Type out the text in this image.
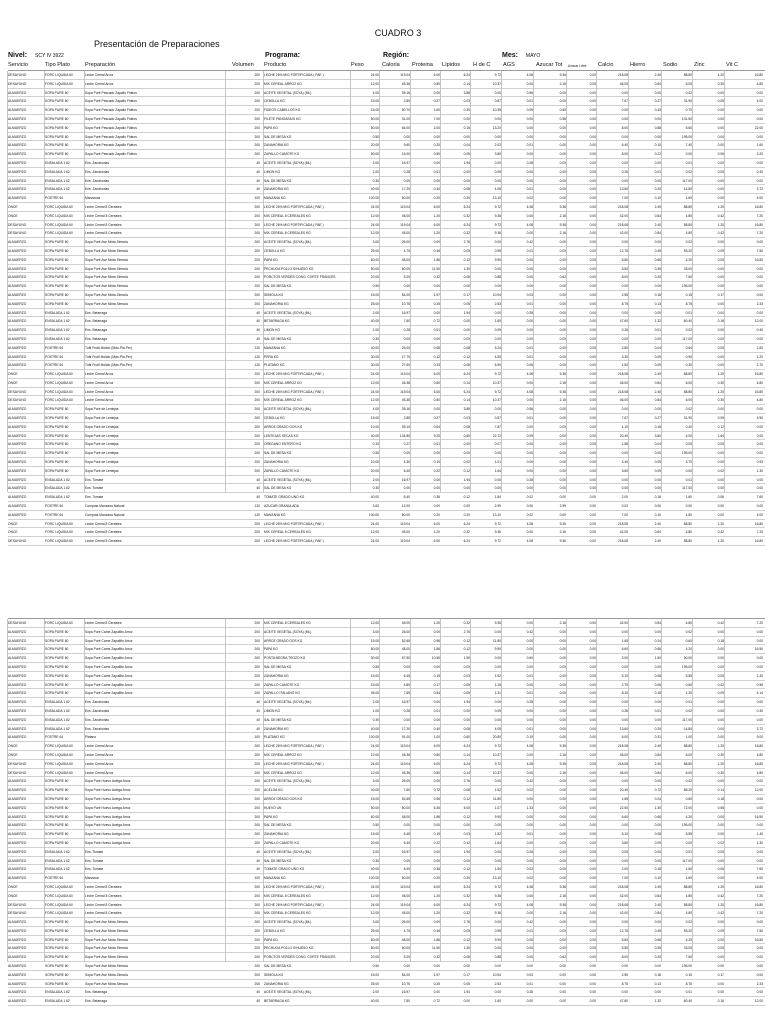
CUADRO 3
Presentación de Preparaciones
Nivel: SCY IV 3922	Programa:	Región:	Mes: MAYO
Servicio	Tipo Plato	Preparación	Volumen Producto	Peso	Caloria Proteina Lípidos H de C AGS	Azucar Tot Azucar Libre Calcio	Hierro	Sodio	Zinc	Vit C
DESAYUNO	FORC LIQUIDA 60	Leche Cereal Arroz	200 LECHE 26% M/G FORTIFICADA ( PAE )	24.00	119.04	6.00	6.24	9.72	4.08	9.36	0.00	218.08	2.40	88.80	1.20	16.80
DESAYUNO	FORC LIQUIDA 60	Leche Cereal Arroz	200 MIX CEREAL ARROZ KG	12.00	45.36	0.80	0.14	10.37	0.00	2.16	0.00	46.00	0.84	6.00	0.30	4.80
ALMUERZO	SOPA PURE 60	Sopa Puré Pescado Zapallo Fideos	200 ACEITE VEGETAL (SOYA) (ML)	4.00	35.16	0.00	3.88	0.00	0.56	0.00	0.00	0.00	0.00	0.02	0.00	0.00
ALMUERZO	SOPA PURE 60	Sopa Puré Pescado Zapallo Fideos	200 CEBOLLA KG	15.00	2.80	0.27	0.03	0.87	0.01	0.00	0.00	7.67	0.27	31.90	0.05	4.00
ALMUERZO	SOPA PURE 60	Sopa Puré Pescado Zapallo Fideos	200 FIDEOS CABELLOS KG	15.00	50.70	1.60	0.30	10.35	0.09	0.60	0.00	0.00	0.43	0.70	0.00	0.00
ALMUERZO	SOPA PURE 60	Sopa Puré Pescado Zapallo Fideos	200 FILETE PANGASIUS KG	50.00	31.00	7.00	0.00	0.00	0.00	0.56	0.00	0.00	0.00	131.50	0.00	0.00
ALMUERZO	SOPA PURE 60	Sopa Puré Pescado Zapallo Fideos	200 PAPA KG	80.00	64.00	2.00	0.16	13.20	0.00	0.00	0.00	8.00	0.88	5.60	0.00	22.00
ALMUERZO	SOPA PURE 60	Sopa Puré Pescado Zapallo Fideos	200 SAL DE MESA KG	0.50	0.00	0.00	0.00	0.00	0.00	0.00	0.00	0.00	0.00	195.00	0.00	0.00
ALMUERZO	SOPA PURE 60	Sopa Puré Pescado Zapallo Fideos	200 ZANAHORIA KG	20.00	9.60	0.20	0.04	2.02	0.01	0.00	0.00	6.40	0.10	7.40	0.00	1.60
ALMUERZO	SOPA PURE 60	Sopa Puré Pescado Zapallo Fideos	200 ZAPALLO CAMOTE KG	50.00	16.00	0.50	0.05	3.80	0.00	0.00	0.00	8.00	0.22	0.00	0.06	3.20
ALMUERZO	ENSALADA 1 62	Ens. Zanahorias	40 ACEITE VEGETAL (SOYA) (ML)	2.00	16.97	0.00	1.94	0.00	0.28	0.00	0.00	0.00	0.00	0.01	0.00	0.00
ALMUERZO	ENSALADA 1 62	Ens. Zanahorias	40 LIMON KG	1.00	0.28	0.01	0.00	0.09	0.00	0.00	0.00	0.26	0.01	0.02	0.00	0.40
ALMUERZO	ENSALADA 1 62	Ens. Zanahorias	40 SAL DE MESA KG	0.30	0.00	0.00	0.00	0.00	0.00	0.00	0.00	0.00	0.00	117.00	0.00	0.00
ALMUERZO	ENSALADA 1 62	Ens. Zanahorias	40 ZANAHORIA KG	40.00	17.20	0.40	0.08	4.05	0.01	0.00	0.00	13.60	0.20	14.80	0.00	3.72
ALMUERZO	POSTRE 64	Manzanas	100 MANZANA KG	100.00	60.00	0.20	0.20	13.10	0.02	0.00	0.00	7.00	0.10	1.60	0.00	4.00
ONCE	FORC LIQUIDA 60	Leche Cereal 8 Cereales	200 LECHE 26% M/G FORTIFICADA ( PAE )	24.00	119.04	6.00	6.24	9.72	4.08	9.36	0.00	218.08	2.40	88.80	1.20	16.80
ONCE	FORC LIQUIDA 60	Leche Cereal 8 Cereales	200 MIX CEREAL 8 CEREALES KG	12.00	45.00	1.20	0.32	9.36	0.00	2.16	0.00	42.00	0.84	4.80	0.42	7.20
DESAYUNO	FORC LIQUIDA 60	Leche Cereal 8 Cereales	200 LECHE 26% M/G FORTIFICADA ( PAE )	24.00	119.04	6.00	6.24	9.72	4.08	9.36	0.00	218.08	2.40	88.80	1.20	16.80
DESAYUNO	FORC LIQUIDA 60	Leche Cereal 8 Cereales	200 MIX CEREAL 8 CEREALES KG	12.00	45.00	1.20	0.32	9.36	0.00	2.16	0.00	42.00	0.84	4.80	0.42	7.20
ALMUERZO	SOPA PURE 60	Sopa Puré Ave Mixta Sémola	200 ACEITE VEGETAL (SOYA) (ML)	3.00	26.00	0.00	2.76	0.00	0.42	0.00	0.00	0.00	0.00	0.02	0.00	0.00
ALMUERZO	SOPA PURE 60	Sopa Puré Ave Mixta Sémola	200 CEBOLLA KG	25.00	4.75	0.45	0.05	0.95	0.01	0.00	0.00	12.75	0.45	53.20	0.09	7.50
ALMUERZO	SOPA PURE 60	Sopa Puré Ave Mixta Sémola	200 PAPA KG	60.00	48.00	1.86	0.12	9.90	0.00	0.00	0.00	6.60	0.66	4.20	0.00	16.50
ALMUERZO	SOPA PURE 60	Sopa Puré Ave Mixta Sémola	200 PECHUGA POLLO S/HUESO KG	50.00	60.00	11.50	1.30	0.00	0.00	0.00	0.00	5.50	0.35	33.00	0.00	0.00
ALMUERZO	SOPA PURE 60	Sopa Puré Ave Mixta Sémola	200 PORCTOS VERDES CONG. CORTE FRANCES	20.00	5.20	0.32	0.06	0.88	0.00	0.62	0.00	8.00	0.20	7.60	0.00	0.00
ALMUERZO	SOPA PURE 60	Sopa Puré Ave Mixta Sémola	200 SAL DE MESA KG	0.50	0.00	0.00	0.00	0.00	0.00	0.00	0.00	0.00	0.00	195.00	0.00	0.00
ALMUERZO	SOPA PURE 60	Sopa Puré Ave Mixta Sémola	200 SEMOLA KG	15.00	54.00	1.97	0.17	10.94	0.03	0.00	0.00	2.55	0.18	0.15	0.17	0.00
ALMUERZO	SOPA PURE 60	Sopa Puré Ave Mixta Sémola	200 ZANAHORIA KG	25.00	10.75	0.25	0.05	2.53	0.01	0.00	0.00	8.75	0.13	8.75	0.00	2.33
ALMUERZO	ENSALADA 1 62	Ens. Betarraga	40 ACEITE VEGETAL (SOYA) (ML)	2.00	16.97	0.00	1.94	0.00	0.28	0.00	0.00	0.00	0.00	0.01	0.00	0.00
ALMUERZO	ENSALADA 1 62	Ens. Betarraga	40 BETARRAGA KG	40.00	7.60	0.72	0.00	1.60	0.00	0.00	0.00	47.60	1.32	60.40	0.16	12.00
ALMUERZO	ENSALADA 1 62	Ens. Betarraga	40 LIMON KG	1.00	0.28	0.01	0.00	0.09	0.00	0.00	0.00	0.26	0.01	0.02	0.00	0.40
ALMUERZO	ENSALADA 1 62	Ens. Betarraga	40 SAL DE MESA KG	0.30	0.00	0.00	0.00	0.00	0.00	0.00	0.00	0.00	0.00	117.00	0.00	0.00
ALMUERZO	POSTRE 64	Tutti Frutti Molido (Man-Pla-Per)	120 MANZANA KG	40.00	25.00	0.08	0.08	5.24	0.01	0.00	0.00	2.80	0.04	0.64	0.00	1.60
ALMUERZO	POSTRE 64	Tutti Frutti Molido (Man-Pla-Per)	120 PERA KG	30.00	17.70	0.12	0.12	4.53	0.01	0.00	0.00	3.30	0.09	0.90	0.00	1.20
ALMUERZO	POSTRE 64	Tutti Frutti Molido (Man-Pla-Per)	120 PLATANO KG	30.00	27.60	0.33	0.06	6.90	0.06	0.00	0.00	1.50	0.09	0.30	0.00	2.70
ONCE	FORC LIQUIDA 60	Leche Cereal Arroz	200 LECHE 26% M/G FORTIFICADA ( PAE )	24.00	119.04	6.00	6.24	9.72	4.08	9.36	0.00	218.08	2.40	88.80	1.20	16.80
ONCE	FORC LIQUIDA 60	Leche Cereal Arroz	200 MIX CEREAL ARROZ KG	12.00	45.36	0.80	0.14	10.37	0.00	2.16	0.00	46.00	0.84	6.00	0.30	4.80
DESAYUNO	FORC LIQUIDA 60	Leche Cereal Arroz	200 LECHE 26% M/G FORTIFICADA ( PAE )	24.00	119.04	6.00	6.24	9.72	4.08	9.36	0.00	218.08	2.40	88.80	1.20	16.80
DESAYUNO	FORC LIQUIDA 60	Leche Cereal Arroz	200 MIX CEREAL ARROZ KG	12.00	45.36	0.80	0.14	10.37	0.00	2.16	0.00	46.00	0.84	6.00	0.30	4.80
ALMUERZO	SOPA PURE 60	Sopa Puré de Lentejas	200 ACEITE VEGETAL (SOYA) (ML)	4.00	35.16	0.00	3.88	0.00	0.56	0.00	0.00	0.00	0.00	0.02	0.00	0.00
ALMUERZO	SOPA PURE 60	Sopa Puré de Lentejas	200 CEBOLLA KG	15.00	2.85	0.27	0.03	0.57	0.01	0.00	0.00	7.67	0.27	31.90	0.05	4.50
ALMUERZO	SOPA PURE 60	Sopa Puré de Lentejas	200 ARROZ GRADO DOS KG	10.00	35.10	0.64	0.08	7.87	0.00	0.00	0.00	1.10	0.16	0.40	0.12	0.00
ALMUERZO	SOPA PURE 60	Sopa Puré de Lentejas	200 LENTEJAS SECAS KG	40.00	134.80	9.20	0.60	22.72	0.09	0.00	0.00	20.40	3.60	4.00	1.64	0.00
ALMUERZO	SOPA PURE 60	Sopa Puré de Lentejas	200 OREGANO ENTERO KG	0.10	0.27	0.01	0.00	0.07	0.00	0.00	0.00	1.58	0.04	0.00	0.00	0.00
ALMUERZO	SOPA PURE 60	Sopa Puré de Lentejas	200 SAL DE MESA KG	0.50	0.00	0.00	0.00	0.00	0.00	0.00	0.00	0.00	0.00	195.00	0.00	0.00
ALMUERZO	SOPA PURE 60	Sopa Puré de Lentejas	200 ZANAHORIA KG	10.00	4.30	0.10	0.02	1.01	0.00	0.00	0.00	3.40	0.05	3.70	0.00	0.93
ALMUERZO	SOPA PURE 60	Sopa Puré de Lentejas	200 ZAPALLO CAMOTE KG	20.00	6.40	0.22	0.12	1.64	0.00	0.00	0.00	3.60	0.09	0.00	0.02	1.30
ALMUERZO	ENSALADA 1 62	Ens. Tomate	40 ACEITE VEGETAL (SOYA) (ML)	2.00	16.97	0.00	1.94	0.00	0.28	0.00	0.00	0.00	0.00	0.01	0.00	0.00
ALMUERZO	ENSALADA 1 62	Ens. Tomate	40 SAL DE MESA KG	0.30	0.00	0.00	0.00	0.00	0.00	0.00	0.00	0.00	0.00	117.00	0.00	0.00
ALMUERZO	ENSALADA 1 62	Ens. Tomate	40 TOMATE GRADO UNO KG	40.00	8.40	0.36	0.12	1.84	0.02	0.00	0.00	2.00	0.18	1.60	0.06	7.60
ALMUERZO	POSTRE 64	Compota Manzana Natural	120 AZUCAR GRANULADA	3.00	12.00	0.00	0.00	2.99	0.00	2.99	0.00	0.03	0.00	0.00	0.00	0.00
ALMUERZO	POSTRE 64	Compota Manzana Natural	120 MANZANA KG	100.00	60.00	0.20	0.20	13.10	0.02	0.00	0.00	7.00	0.10	1.60	0.00	4.00
ONCE	FORC LIQUIDA 60	Leche Cereal 8 Cereales	200 LECHE 26% M/G FORTIFICADA ( PAE )	24.00	119.04	6.00	6.24	9.72	4.08	9.36	0.00	218.08	2.40	88.80	1.20	16.80
ONCE	FORC LIQUIDA 60	Leche Cereal 8 Cereales	200 MIX CEREAL 8 CEREALES KG	12.00	45.00	1.20	0.32	9.36	0.00	2.16	0.00	42.00	0.84	4.80	0.42	7.20
DESAYUNO	FORC LIQUIDA 60	Leche Cereal 8 Cereales	200 LECHE 26% M/G FORTIFICADA ( PAE )	24.00	119.04	6.00	6.24	9.72	4.08	9.36	0.00	218.08	2.40	88.80	1.20	16.80
DESAYUNO	FORC LIQUIDA 60	Leche Cereal 8 Cereales	200 MIX CEREAL 8 CEREALES KG	12.00	45.00	1.20	0.32	9.36	0.00	2.16	0.00	42.00	0.84	4.80	0.42	7.20
ALMUERZO	SOPA PURE 60	Sopa Puré Carne Zapallito Arroz	200 ACEITE VEGETAL (SOYA) (ML)	3.00	26.00	0.00	2.76	0.00	0.42	0.00	0.00	0.00	0.00	0.02	0.00	0.00
ALMUERZO	SOPA PURE 60	Sopa Puré Carne Zapallito Arroz	200 ARROZ GRADO DOS KG	15.00	52.65	0.96	0.12	11.80	0.00	0.00	0.00	1.65	0.24	0.60	0.18	0.00
ALMUERZO	SOPA PURE 60	Sopa Puré Carne Zapallito Arroz	200 PAPA KG	60.00	48.00	1.86	0.12	9.90	0.00	0.00	0.00	6.60	0.66	4.20	0.00	16.50
ALMUERZO	SOPA PURE 60	Sopa Puré Carne Zapallito Arroz	200 POSTA NEGRA TROZO KG	30.00	67.50	10.50	1.50	0.00	0.60	0.00	0.00	3.00	1.50	90.00	0.00	0.00
ALMUERZO	SOPA PURE 60	Sopa Puré Carne Zapallito Arroz	200 SAL DE MESA KG	0.50	0.00	0.00	0.00	0.00	0.00	0.00	0.00	0.00	0.00	195.00	0.00	0.00
ALMUERZO	SOPA PURE 60	Sopa Puré Carne Zapallito Arroz	200 ZANAHORIA KG	15.00	6.45	0.15	0.03	1.52	0.01	0.00	0.00	5.10	0.08	5.55	0.00	1.40
ALMUERZO	SOPA PURE 60	Sopa Puré Carne Zapallito Arroz	200 ZAPALLO CAMOTE KG	15.00	4.80	0.17	0.09	1.16	0.00	0.00	0.00	2.70	0.06	0.60	0.02	0.98
ALMUERZO	SOPA PURE 60	Sopa Puré Carne Zapallito Arroz	200 ZAPALLO ITALIANO KG	45.00	7.65	0.54	0.09	1.31	0.01	0.00	0.00	8.10	0.18	1.20	0.09	4.14
ALMUERZO	ENSALADA 1 62	Ens. Zanahorias	40 ACEITE VEGETAL (SOYA) (ML)	2.00	16.97	0.00	1.94	0.00	0.28	0.00	0.00	0.00	0.00	0.01	0.00	0.00
ALMUERZO	ENSALADA 1 62	Ens. Zanahorias	40 LIMON KG	1.00	0.28	0.01	0.00	0.09	0.00	0.00	0.00	0.26	0.01	0.02	0.00	0.40
ALMUERZO	ENSALADA 1 62	Ens. Zanahorias	40 SAL DE MESA KG	0.30	0.00	0.00	0.00	0.00	0.00	0.00	0.00	0.00	0.00	117.00	0.00	0.00
ALMUERZO	ENSALADA 1 62	Ens. Zanahorias	40 ZANAHORIA KG	40.00	17.20	0.40	0.08	4.05	0.01	0.00	0.00	13.60	0.20	14.80	0.00	3.72
ALMUERZO	POSTRE 64	Plátano	100 PLATANO KG	100.00	91.00	1.00	0.60	20.80	0.19	0.00	0.00	6.00	0.31	1.00	0.00	9.00
ONCE	FORC LIQUIDA 60	Leche Cereal Arroz	200 LECHE 26% M/G FORTIFICADA ( PAE )	24.00	119.04	6.00	6.24	9.72	4.08	9.36	0.00	218.08	2.40	88.80	1.20	16.80
ONCE	FORC LIQUIDA 60	Leche Cereal Arroz	200 MIX CEREAL ARROZ KG	12.00	45.36	0.80	0.14	10.37	0.00	2.16	0.00	46.00	0.84	6.00	0.30	4.80
DESAYUNO	FORC LIQUIDA 60	Leche Cereal Arroz	200 LECHE 26% M/G FORTIFICADA ( PAE )	24.00	119.04	6.00	6.24	9.72	4.08	9.36	0.00	218.08	2.40	88.80	1.20	16.80
DESAYUNO	FORC LIQUIDA 60	Leche Cereal Arroz	200 MIX CEREAL ARROZ KG	12.00	45.36	0.80	0.14	10.37	0.00	2.16	0.00	46.00	0.84	6.00	0.30	4.80
ALMUERZO	SOPA PURE 60	Sopa Puré Huevo Acelga Arroz	200 ACEITE VEGETAL (SOYA) (ML)	3.00	26.00	0.00	2.76	0.00	0.42	0.00	0.00	0.00	0.00	0.02	0.00	0.00
ALMUERZO	SOPA PURE 60	Sopa Puré Huevo Acelga Arroz	200 ACELGA KG	40.00	7.60	0.72	0.08	1.52	0.02	0.00	0.00	20.40	0.72	85.20	0.14	12.00
ALMUERZO	SOPA PURE 60	Sopa Puré Huevo Acelga Arroz	200 ARROZ GRADO DOS KG	15.00	52.65	0.96	0.12	11.80	0.00	0.00	0.00	1.65	0.24	0.60	0.18	0.00
ALMUERZO	SOPA PURE 60	Sopa Puré Huevo Acelga Arroz	200 HUEVO UN	50.00	80.00	6.26	5.00	1.07	1.33	0.00	0.00	22.50	1.30	72.00	0.55	0.00
ALMUERZO	SOPA PURE 60	Sopa Puré Huevo Acelga Arroz	200 PAPA KG	60.00	48.00	1.86	0.12	9.90	0.00	0.00	0.00	6.60	0.66	4.20	0.00	16.50
ALMUERZO	SOPA PURE 60	Sopa Puré Huevo Acelga Arroz	200 SAL DE MESA KG	0.50	0.00	0.00	0.00	0.00	0.00	0.00	0.00	0.00	0.00	195.00	0.00	0.00
ALMUERZO	SOPA PURE 60	Sopa Puré Huevo Acelga Arroz	200 ZANAHORIA KG	15.00	6.45	0.15	0.03	1.52	0.01	0.00	0.00	5.10	0.08	5.55	0.00	1.40
ALMUERZO	SOPA PURE 60	Sopa Puré Huevo Acelga Arroz	200 ZAPALLO CAMOTE KG	20.00	6.40	0.22	0.12	1.64	0.00	0.00	0.00	3.60	0.09	0.00	0.02	1.30
ALMUERZO	ENSALADA 1 62	Ens. Tomate	40 ACEITE VEGETAL (SOYA) (ML)	2.00	16.97	0.00	1.94	0.00	0.28	0.00	0.00	0.00	0.00	0.01	0.00	0.00
ALMUERZO	ENSALADA 1 62	Ens. Tomate	40 SAL DE MESA KG	0.30	0.00	0.00	0.00	0.00	0.00	0.00	0.00	0.00	0.00	117.00	0.00	0.00
ALMUERZO	ENSALADA 1 62	Ens. Tomate	40 TOMATE GRADO UNO KG	40.00	8.40	0.36	0.12	1.84	0.02	0.00	0.00	2.00	0.18	1.60	0.06	7.60
ALMUERZO	POSTRE 64	Manzana	100 MANZANA KG	100.00	60.00	0.20	0.20	13.10	0.02	0.00	0.00	7.00	0.10	1.60	0.00	4.00
ONCE	FORC LIQUIDA 60	Leche Cereal 8 Cereales	200 LECHE 26% M/G FORTIFICADA ( PAE )	24.00	119.04	6.00	6.24	9.72	4.08	9.36	0.00	218.08	2.40	88.80	1.20	16.80
ONCE	FORC LIQUIDA 60	Leche Cereal 8 Cereales	200 MIX CEREAL 8 CEREALES KG	12.00	45.00	1.20	0.32	9.36	0.00	2.16	0.00	42.00	0.84	4.80	0.42	7.20
DESAYUNO	FORC LIQUIDA 60	Leche Cereal 8 Cereales	200 LECHE 26% M/G FORTIFICADA ( PAE )	24.00	119.04	6.00	6.24	9.72	4.08	9.36	0.00	218.08	2.40	88.80	1.20	16.80
DESAYUNO	FORC LIQUIDA 60	Leche Cereal 8 Cereales	200 MIX CEREAL 8 CEREALES KG	12.00	45.00	1.20	0.32	9.36	0.00	2.16	0.00	42.00	0.84	4.80	0.42	7.20
ALMUERZO	SOPA PURE 60	Sopa Puré Ave Mixta Sémola	200 ACEITE VEGETAL (SOYA) (ML)	3.00	26.00	0.00	2.76	0.00	0.42	0.00	0.00	0.00	0.00	0.02	0.00	0.00
ALMUERZO	SOPA PURE 60	Sopa Puré Ave Mixta Sémola	200 CEBOLLA KG	25.00	4.75	0.45	0.05	0.95	0.01	0.00	0.00	12.75	0.45	53.20	0.09	7.50
ALMUERZO	SOPA PURE 60	Sopa Puré Ave Mixta Sémola	200 PAPA KG	60.00	48.00	1.86	0.12	9.90	0.00	0.00	0.00	6.60	0.66	4.20	0.00	16.50
ALMUERZO	SOPA PURE 60	Sopa Puré Ave Mixta Sémola	200 PECHUGA POLLO S/HUESO KG	50.00	60.00	11.50	1.30	0.00	0.00	0.00	0.00	5.50	0.35	33.00	0.00	0.00
ALMUERZO	SOPA PURE 60	Sopa Puré Ave Mixta Sémola	200 PORCTOS VERDES CONG. CORTE FRANCES	20.00	5.20	0.32	0.06	0.88	0.00	0.62	0.00	8.00	0.20	7.60	0.00	0.00
ALMUERZO	SOPA PURE 60	Sopa Puré Ave Mixta Sémola	200 SAL DE MESA KG	0.50	0.00	0.00	0.00	0.00	0.00	0.00	0.00	0.00	0.00	195.00	0.00	0.00
ALMUERZO	SOPA PURE 60	Sopa Puré Ave Mixta Sémola	200 SEMOLA KG	15.00	54.00	1.97	0.17	10.94	0.03	0.00	0.00	2.55	0.18	0.15	0.17	0.00
ALMUERZO	SOPA PURE 60	Sopa Puré Ave Mixta Sémola	200 ZANAHORIA KG	25.00	10.75	0.25	0.05	2.53	0.01	0.00	0.00	8.75	0.13	8.75	0.00	2.33
ALMUERZO	ENSALADA 1 62	Ens. Betarraga	40 ACEITE VEGETAL (SOYA) (ML)	2.00	16.97	0.00	1.94	0.00	0.28	0.00	0.00	0.00	0.00	0.01	0.00	0.00
ALMUERZO	ENSALADA 1 62	Ens. Betarraga	40 BETARRAGA KG	40.00	7.60	0.72	0.00	1.60	0.00	0.00	0.00	47.60	1.32	60.40	0.16	12.00
